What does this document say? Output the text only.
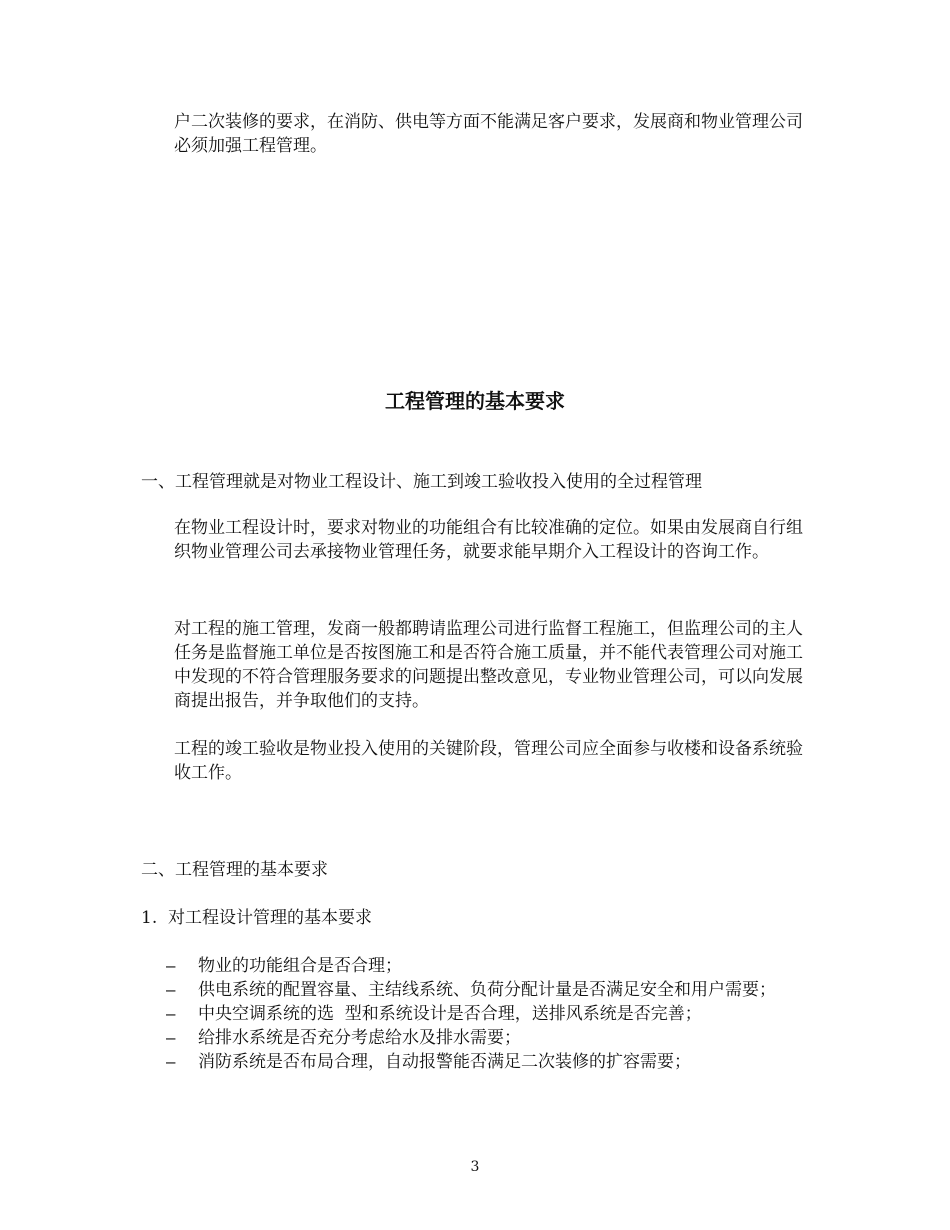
户二次装修的要求，在消防、供电等方面不能满足客户要求，发展商和物业管理公司必须加强工程管理。

工程管理的基本要求

一、工程管理就是对物业工程设计、施工到竣工验收投入使用的全过程管理

在物业工程设计时，要求对物业的功能组合有比较准确的定位。如果由发展商自行组织物业管理公司去承接物业管理任务，就要求能早期介入工程设计的咨询工作。

对工程的施工管理，发商一般都聘请监理公司进行监督工程施工，但监理公司的主人任务是监督施工单位是否按图施工和是否符合施工质量，并不能代表管理公司对施工中发现的不符合管理服务要求的问题提出整改意见，专业物业管理公司，可以向发展商提出报告，并争取他们的支持。

工程的竣工验收是物业投入使用的关键阶段，管理公司应全面参与收楼和设备系统验收工作。

二、工程管理的基本要求

1.  对工程设计管理的基本要求

–	物业的功能组合是否合理；
–	供电系统的配置容量、主结线系统、负荷分配计量是否满足安全和用户需要；
–	中央空调系统的选  型和系统设计是否合理，送排风系统是否完善；
–	给排水系统是否充分考虑给水及排水需要；
–	消防系统是否布局合理，自动报警能否满足二次装修的扩容需要；
3
